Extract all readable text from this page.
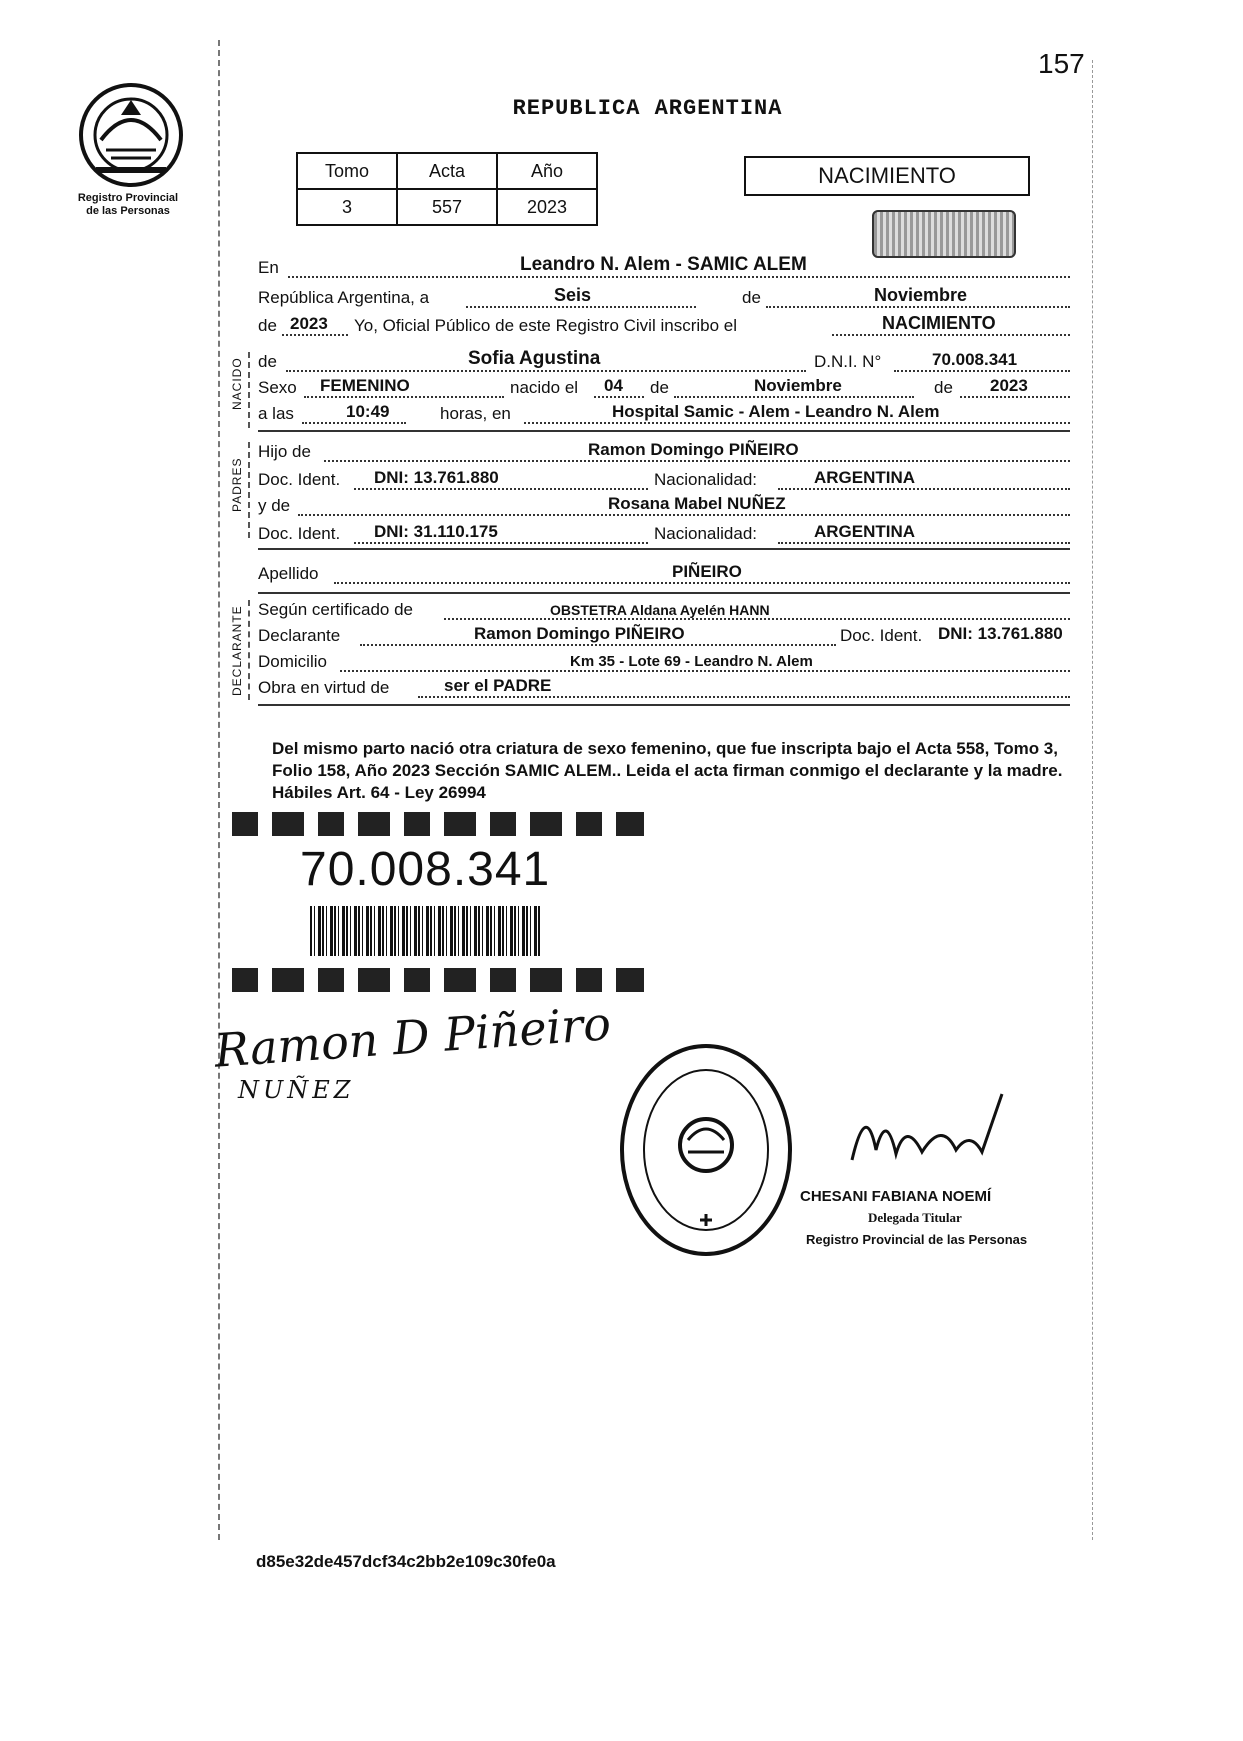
Registro Provincial
de las Personas
157
REPUBLICA ARGENTINA
Tomo	Acta	Año
3	557	2023
NACIMIENTO
En	Leandro N. Alem - SAMIC ALEM
República Argentina, a	Seis	de	Noviembre
de 2023 Yo, Oficial Público de este Registro Civil inscribo el	NACIMIENTO
NACIDO de	Sofia Agustina	D.N.I. N°	70.008.341
Sexo FEMENINO	nacido el 04 de	Noviembre	de 2023
a las	10:49	horas, en	Hospital Samic - Alem - Leandro N. Alem
PADRES
Hijo de	Ramon Domingo PIÑEIRO
Doc. Ident. DNI: 13.761.880	Nacionalidad:	ARGENTINA
y de	Rosana Mabel NUÑEZ
Doc. Ident. DNI: 31.110.175	Nacionalidad:	ARGENTINA
Apellido	PIÑEIRO
DECLARANTE Según certificado de	OBSTETRA Aldana Ayelén HANN
Declarante	Ramon Domingo PIÑEIRO	Doc. Ident. DNI: 13.761.880
Domicilio	Km 35 - Lote 69 - Leandro N. Alem
Obra en virtud de	ser el PADRE
Del mismo parto nació otra criatura de sexo femenino, que fue inscripta bajo el Acta 558, Tomo 3, Folio 158, Año 2023 Sección SAMIC ALEM.. Leida el acta firman conmigo el declarante y la madre. Hábiles Art. 64 - Ley 26994
70.008.341
Ramon D Piñeiro
NUÑEZ
CHESANI FABIANA NOEMÍ
Delegada Titular
Registro Provincial de las Personas
d85e32de457dcf34c2bb2e109c30fe0a
